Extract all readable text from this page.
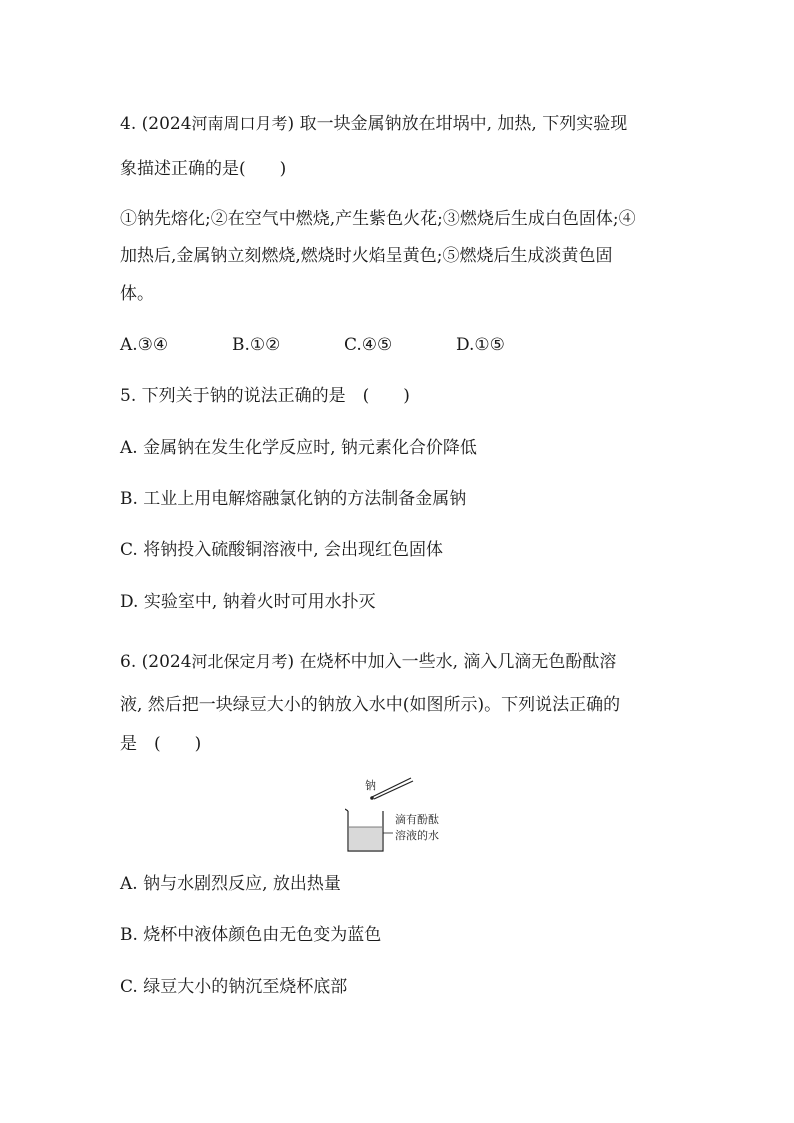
4. (2024河南周口月考) 取一块金属钠放在坩埚中, 加热, 下列实验现
象描述正确的是(　　)
①钠先熔化;②在空气中燃烧,产生紫色火花;③燃烧后生成白色固体;④
加热后,金属钠立刻燃烧,燃烧时火焰呈黄色;⑤燃烧后生成淡黄色固
体。
A.③④	B.①②	C.④⑤	D.①⑤
5. 下列关于钠的说法正确的是　(　　)
A. 金属钠在发生化学反应时, 钠元素化合价降低
B. 工业上用电解熔融氯化钠的方法制备金属钠
C. 将钠投入硫酸铜溶液中, 会出现红色固体
D. 实验室中, 钠着火时可用水扑灭
6. (2024河北保定月考) 在烧杯中加入一些水, 滴入几滴无色酚酞溶
液, 然后把一块绿豆大小的钠放入水中(如图所示)。下列说法正确的
是　(　　)
钠
滴有酚酞
溶液的水
A. 钠与水剧烈反应, 放出热量
B. 烧杯中液体颜色由无色变为蓝色
C. 绿豆大小的钠沉至烧杯底部
